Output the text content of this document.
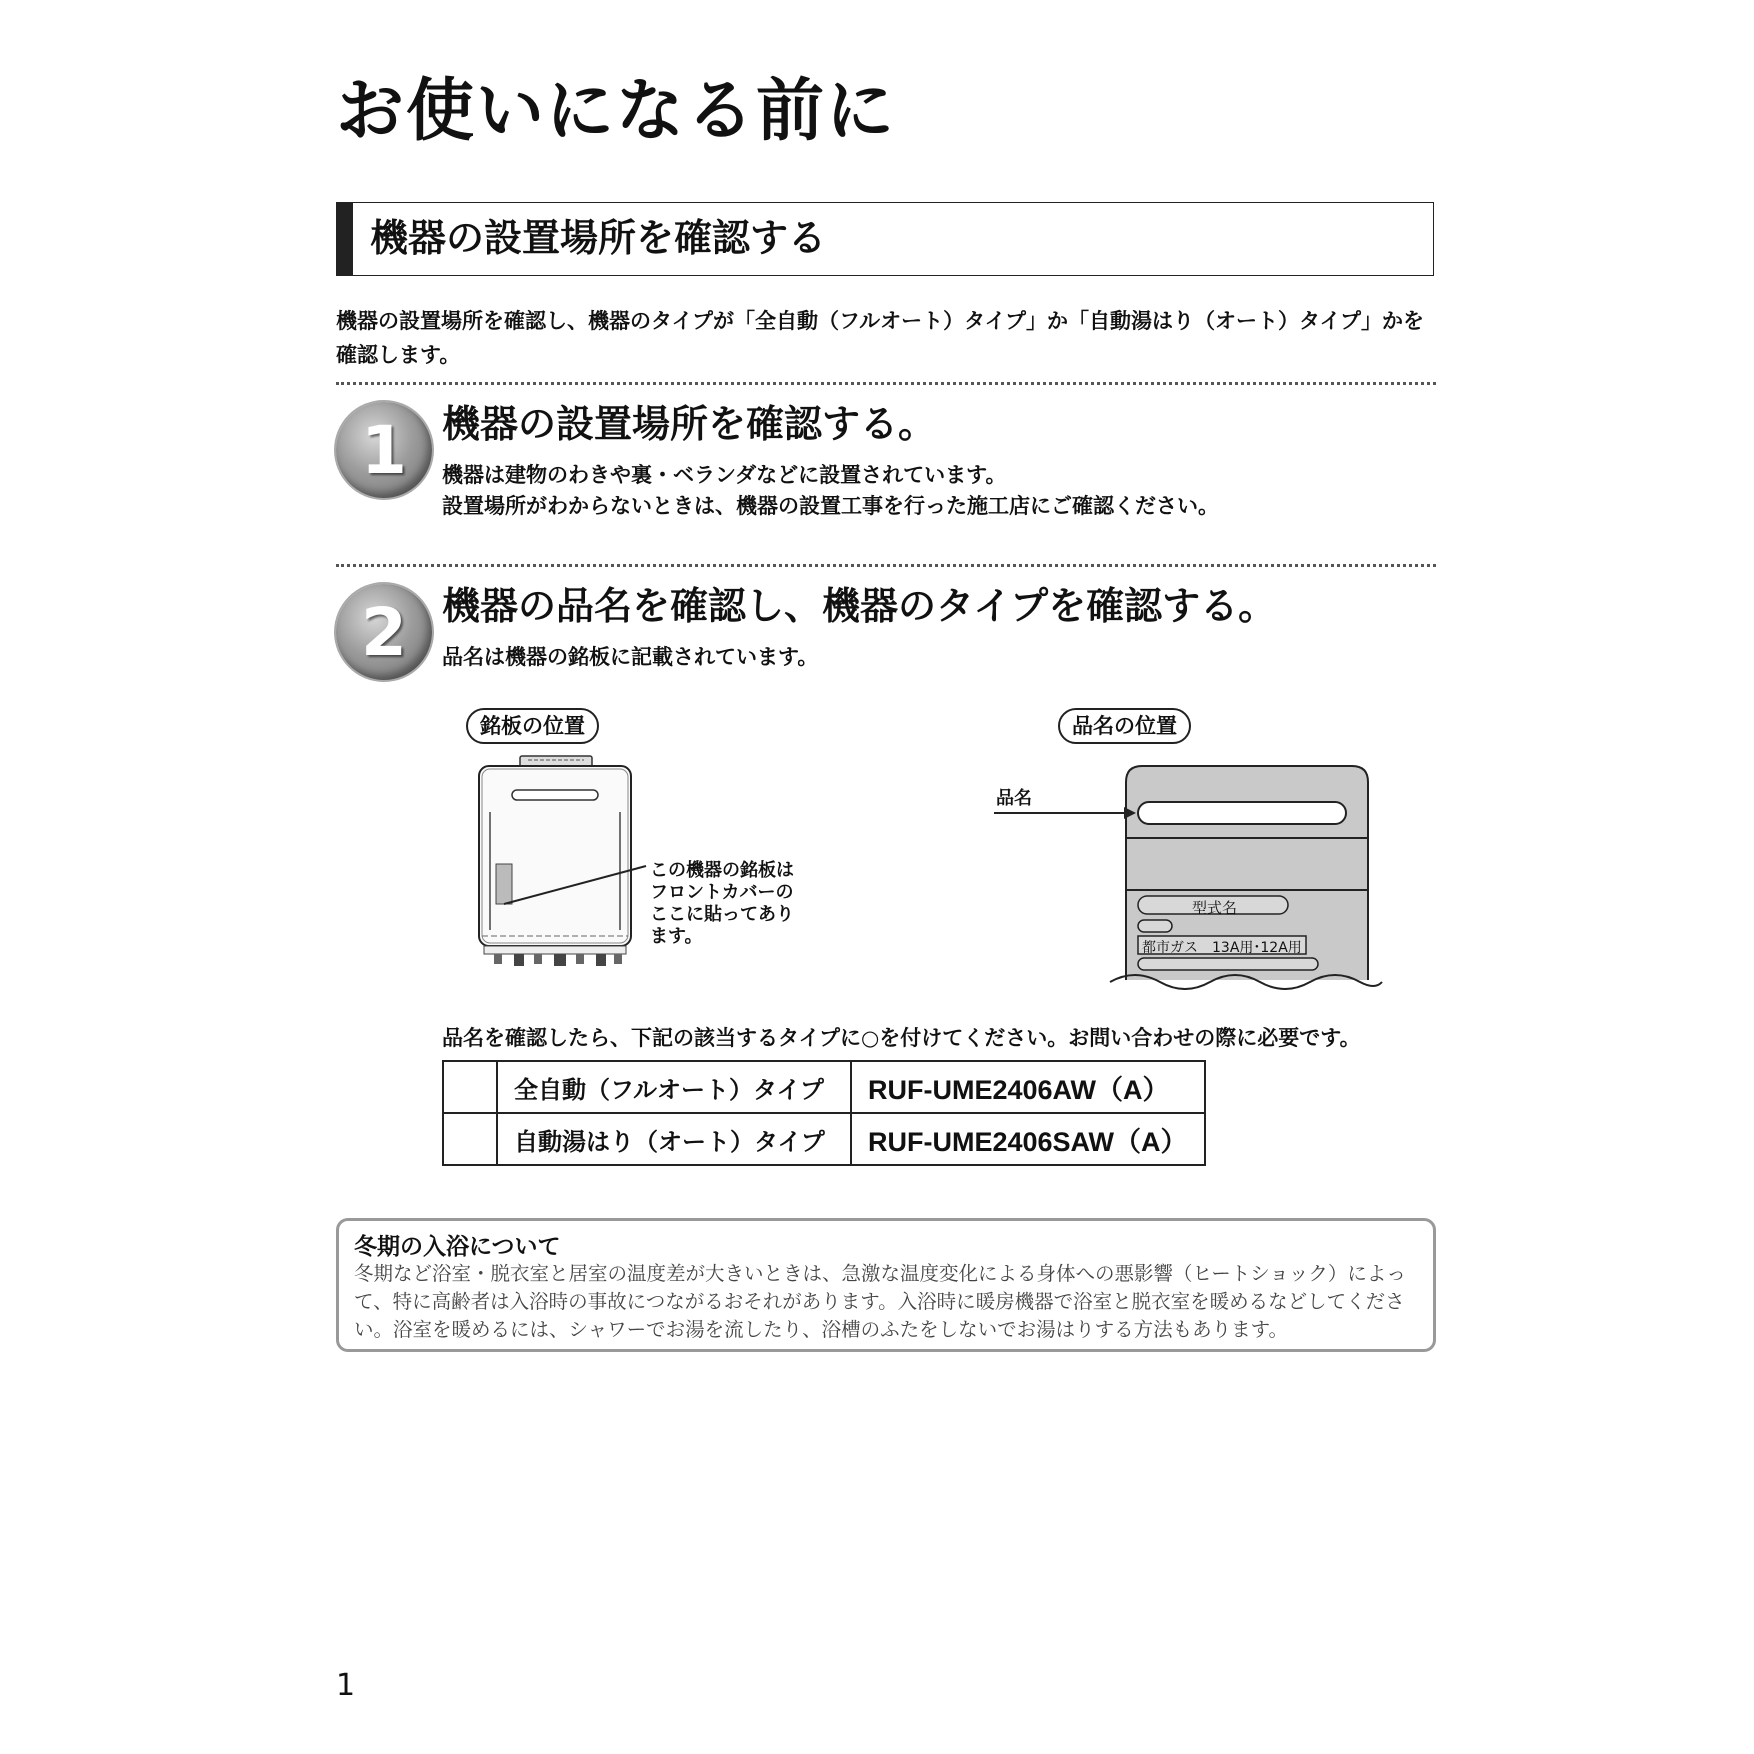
お使いになる前に
機器の設置場所を確認する
機器の設置場所を確認し、機器のタイプが「全自動（フルオート）タイプ」か「自動湯はり（オート）タイプ」かを確認します。
1 機器の設置場所を確認する。
機器は建物のわきや裏・ベランダなどに設置されています。
設置場所がわからないときは、機器の設置工事を行った施工店にご確認ください。
2 機器の品名を確認し、機器のタイプを確認する。
品名は機器の銘板に記載されています。
銘板の位置	品名の位置
この機器の銘板は
フロントカバーの
ここに貼ってあり
ます。
品名
型式名
都市ガス　13A用･12A用
品名を確認したら、下記の該当するタイプに○を付けてください。お問い合わせの際に必要です。
	全自動（フルオート）タイプ	RUF-UME2406AW（A）
	自動湯はり（オート）タイプ	RUF-UME2406SAW（A）
冬期の入浴について
冬期など浴室・脱衣室と居室の温度差が大きいときは、急激な温度変化による身体への悪影響（ヒートショック）によって、特に高齢者は入浴時の事故につながるおそれがあります。入浴時に暖房機器で浴室と脱衣室を暖めるなどしてください。浴室を暖めるには、シャワーでお湯を流したり、浴槽のふたをしないでお湯はりする方法もあります。
1
